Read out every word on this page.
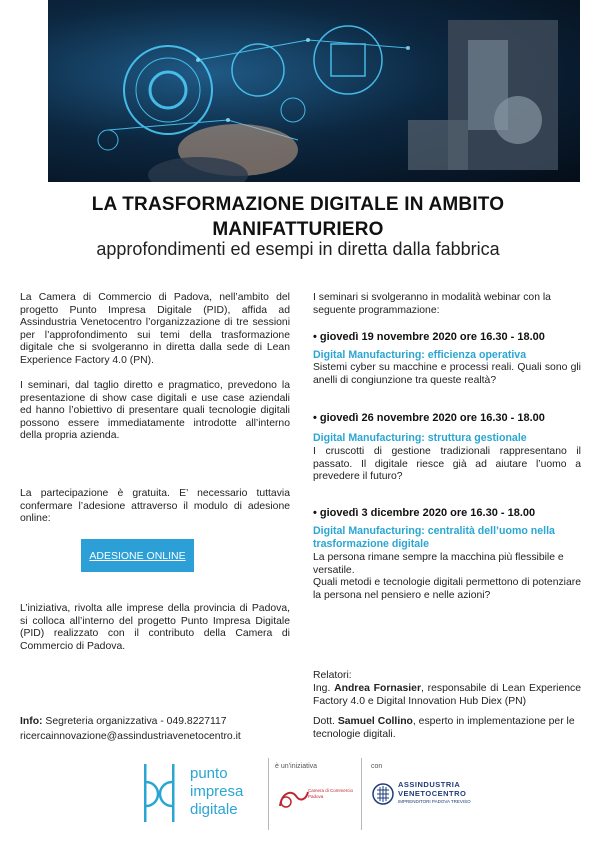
LA TRASFORMAZIONE DIGITALE IN AMBITO MANIFATTURIERO
approfondimenti ed esempi in diretta dalla fabbrica
La Camera di Commercio di Padova, nell’ambito del progetto Punto Impresa Digitale (PID), affida ad Assindustria Venetocentro l’organizzazione di tre sessioni per l’approfondimento sui temi della trasformazione digitale che si svolgeranno in diretta dalla sede di Lean Experience Factory 4.0 (PN).
I seminari, dal taglio diretto e pragmatico, prevedono la presentazione di show case digitali e use case aziendali ed hanno l’obiettivo di presentare quali tecnologie digitali possono essere immediatamente introdotte all’interno della propria azienda.
La partecipazione è gratuita. E’ necessario tuttavia confermare l’adesione attraverso il modulo di adesione online:
ADESIONE ONLINE
L’iniziativa, rivolta alle imprese della provincia di Padova, si colloca all’interno del progetto Punto Impresa Digitale (PID) realizzato con il contributo della Camera di Commercio di Padova.
Info: Segreteria organizzativa - 049.8227117
ricercainnovazione@assindustriavenetocentro.it
I seminari si svolgeranno in modalità webinar con la seguente programmazione:
• giovedì 19 novembre 2020 ore 16.30 - 18.00
Digital Manufacturing: efficienza operativa
Sistemi cyber su macchine e processi reali. Quali sono gli anelli di congiunzione tra queste realtà?
• giovedì 26 novembre 2020 ore 16.30 - 18.00
Digital Manufacturing: struttura gestionale
I cruscotti di gestione tradizionali rappresentano il passato. Il digitale riesce già ad aiutare l’uomo a prevedere il futuro?
• giovedì 3 dicembre 2020 ore 16.30 - 18.00
Digital Manufacturing: centralità dell’uomo nella trasformazione digitale
La persona rimane sempre la macchina più flessibile e versatile.
Quali metodi e tecnologie digitali permettono di potenziare la persona nel pensiero e nelle azioni?
Relatori:
Ing. Andrea Fornasier, responsabile di Lean Experience Factory 4.0 e Digital Innovation Hub Diex (PN)
Dott. Samuel Collino, esperto in implementazione per le tecnologie digitali.
punto
impresa
digitale
è un’iniziativa
Camera di Commercio Padova
con
ASSINDUSTRIA
VENETOCENTRO
IMPRENDITORI PADOVA TREVISO
